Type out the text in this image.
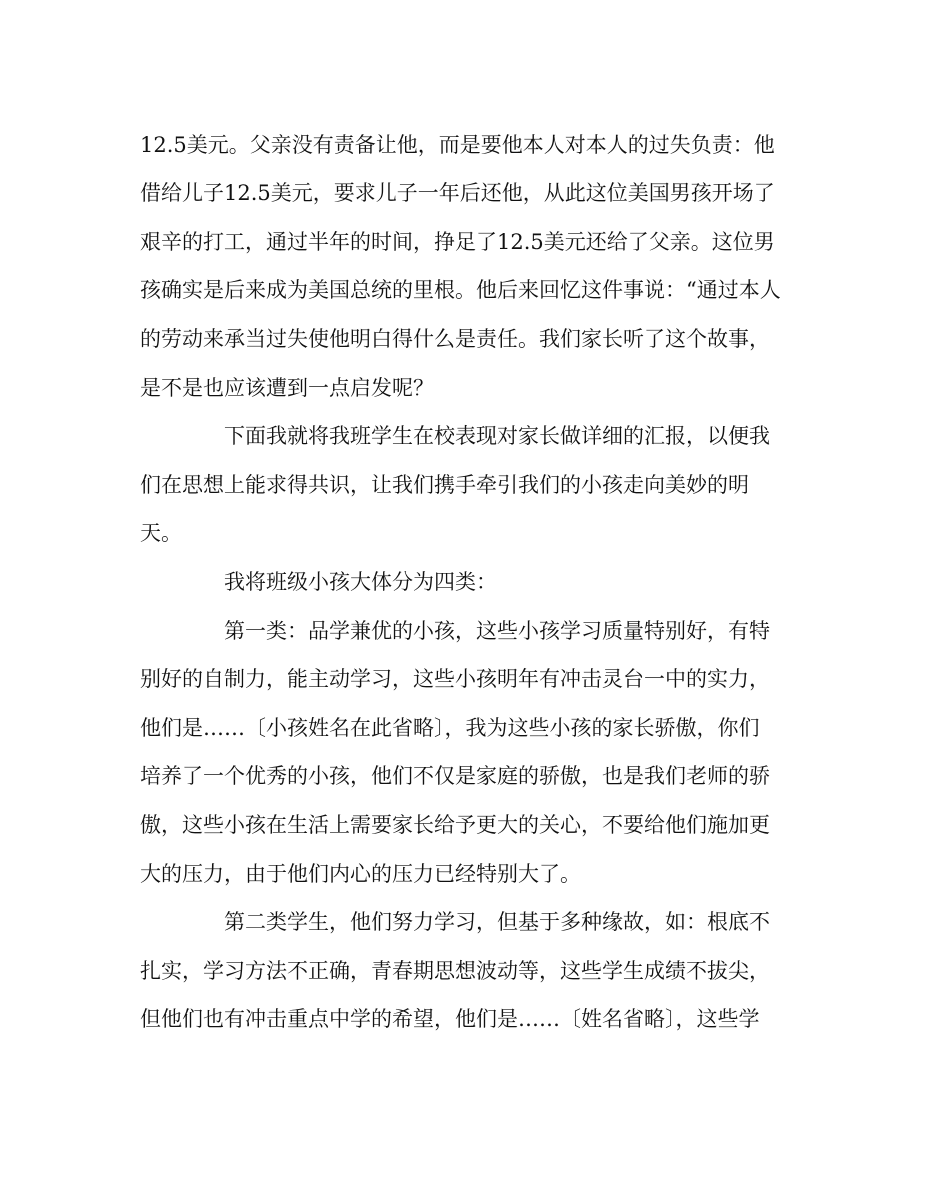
12.5美元。父亲没有责备让他，而是要他本人对本人的过失负责：他

借给儿子12.5美元，要求儿子一年后还他，从此这位美国男孩开场了

艰辛的打工，通过半年的时间，挣足了12.5美元还给了父亲。这位男

孩确实是后来成为美国总统的里根。他后来回忆这件事说：“通过本人

的劳动来承当过失使他明白得什么是责任。我们家长听了这个故事，

是不是也应该遭到一点启发呢？

下面我就将我班学生在校表现对家长做详细的汇报，以便我

们在思想上能求得共识，让我们携手牵引我们的小孩走向美妙的明

天。

我将班级小孩大体分为四类：

第一类：品学兼优的小孩，这些小孩学习质量特别好，有特

别好的自制力，能主动学习，这些小孩明年有冲击灵台一中的实力，

他们是……〔小孩姓名在此省略〕，我为这些小孩的家长骄傲，你们

培养了一个优秀的小孩，他们不仅是家庭的骄傲，也是我们老师的骄

傲，这些小孩在生活上需要家长给予更大的关心，不要给他们施加更

大的压力，由于他们内心的压力已经特别大了。

第二类学生，他们努力学习，但基于多种缘故，如：根底不

扎实，学习方法不正确，青春期思想波动等，这些学生成绩不拔尖，

但他们也有冲击重点中学的希望，他们是……〔姓名省略〕，这些学
